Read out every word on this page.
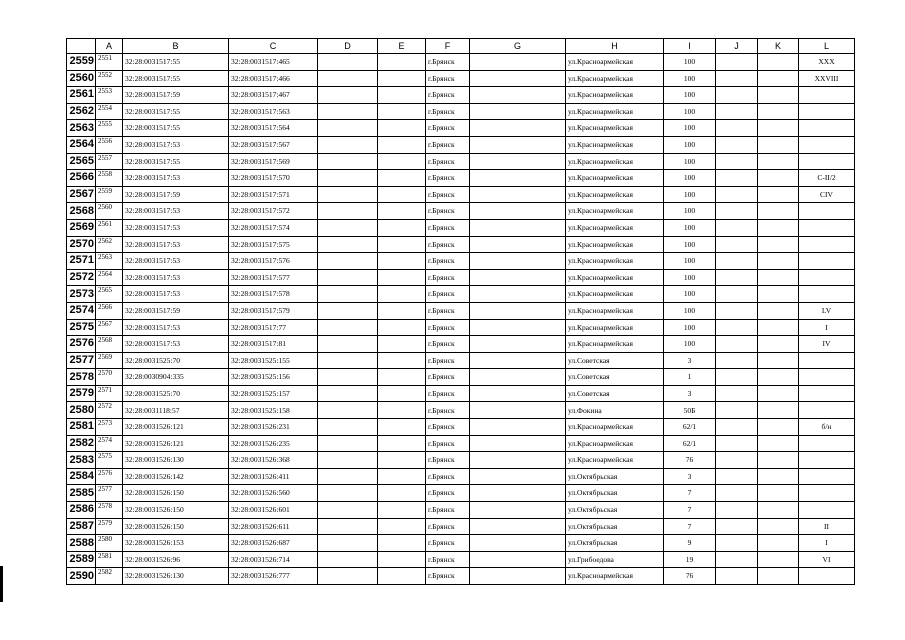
	A	B	C	D	E	F	G	H	I	J	K	L
2559	2551	32:28:0031517:55	32:28:0031517:465			г.Брянск		ул.Красноармейская	100			XXX
2560	2552	32:28:0031517:55	32:28:0031517:466			г.Брянск		ул.Красноармейская	100			XXVIII
2561	2553	32:28:0031517:59	32:28:0031517:467			г.Брянск		ул.Красноармейская	100			
2562	2554	32:28:0031517:55	32:28:0031517:563			г.Брянск		ул.Красноармейская	100			
2563	2555	32:28:0031517:55	32:28:0031517:564			г.Брянск		ул.Красноармейская	100			
2564	2556	32:28:0031517:53	32:28:0031517:567			г.Брянск		ул.Красноармейская	100			
2565	2557	32:28:0031517:55	32:28:0031517:569			г.Брянск		ул.Красноармейская	100			
2566	2558	32:28:0031517:53	32:28:0031517:570			г.Брянск		ул.Красноармейская	100			C-II/2
2567	2559	32:28:0031517:59	32:28:0031517:571			г.Брянск		ул.Красноармейская	100			CIV
2568	2560	32:28:0031517:53	32:28:0031517:572			г.Брянск		ул.Красноармейская	100			
2569	2561	32:28:0031517:53	32:28:0031517:574			г.Брянск		ул.Красноармейская	100			
2570	2562	32:28:0031517:53	32:28:0031517:575			г.Брянск		ул.Красноармейская	100			
2571	2563	32:28:0031517:53	32:28:0031517:576			г.Брянск		ул.Красноармейская	100			
2572	2564	32:28:0031517:53	32:28:0031517:577			г.Брянск		ул.Красноармейская	100			
2573	2565	32:28:0031517:53	32:28:0031517:578			г.Брянск		ул.Красноармейская	100			
2574	2566	32:28:0031517:59	32:28:0031517:579			г.Брянск		ул.Красноармейская	100			LV
2575	2567	32:28:0031517:53	32:28:0031517:77			г.Брянск		ул.Красноармейская	100			I
2576	2568	32:28:0031517:53	32:28:0031517:81			г.Брянск		ул.Красноармейская	100			IV
2577	2569	32:28:0031525:70	32:28:0031525:155			г.Брянск		ул.Советская	3			
2578	2570	32:28:0030904:335	32:28:0031525:156			г.Брянск		ул.Советская	1			
2579	2571	32:28:0031525:70	32:28:0031525:157			г.Брянск		ул.Советская	3			
2580	2572	32:28:0031118:57	32:28:0031525:158			г.Брянск		ул.Фокина	50Б			
2581	2573	32:28:0031526:121	32:28:0031526:231			г.Брянск		ул.Красноармейская	62/1			б/н
2582	2574	32:28:0031526:121	32:28:0031526:235			г.Брянск		ул.Красноармейская	62/1			
2583	2575	32:28:0031526:130	32:28:0031526:368			г.Брянск		ул.Красноармейская	76			
2584	2576	32:28:0031526:142	32:28:0031526:411			г.Брянск		ул.Октябрьская	3			
2585	2577	32:28:0031526:150	32:28:0031526:560			г.Брянск		ул.Октябрьская	7			
2586	2578	32:28:0031526:150	32:28:0031526:601			г.Брянск		ул.Октябрьская	7			
2587	2579	32:28:0031526:150	32:28:0031526:611			г.Брянск		ул.Октябрьская	7			II
2588	2580	32:28:0031526:153	32:28:0031526:687			г.Брянск		ул.Октябрьская	9			I
2589	2581	32:28:0031526:96	32:28:0031526:714			г.Брянск		ул.Грибоедова	19			VI
2590	2582	32:28:0031526:130	32:28:0031526:777			г.Брянск		ул.Красноармейская	76			
